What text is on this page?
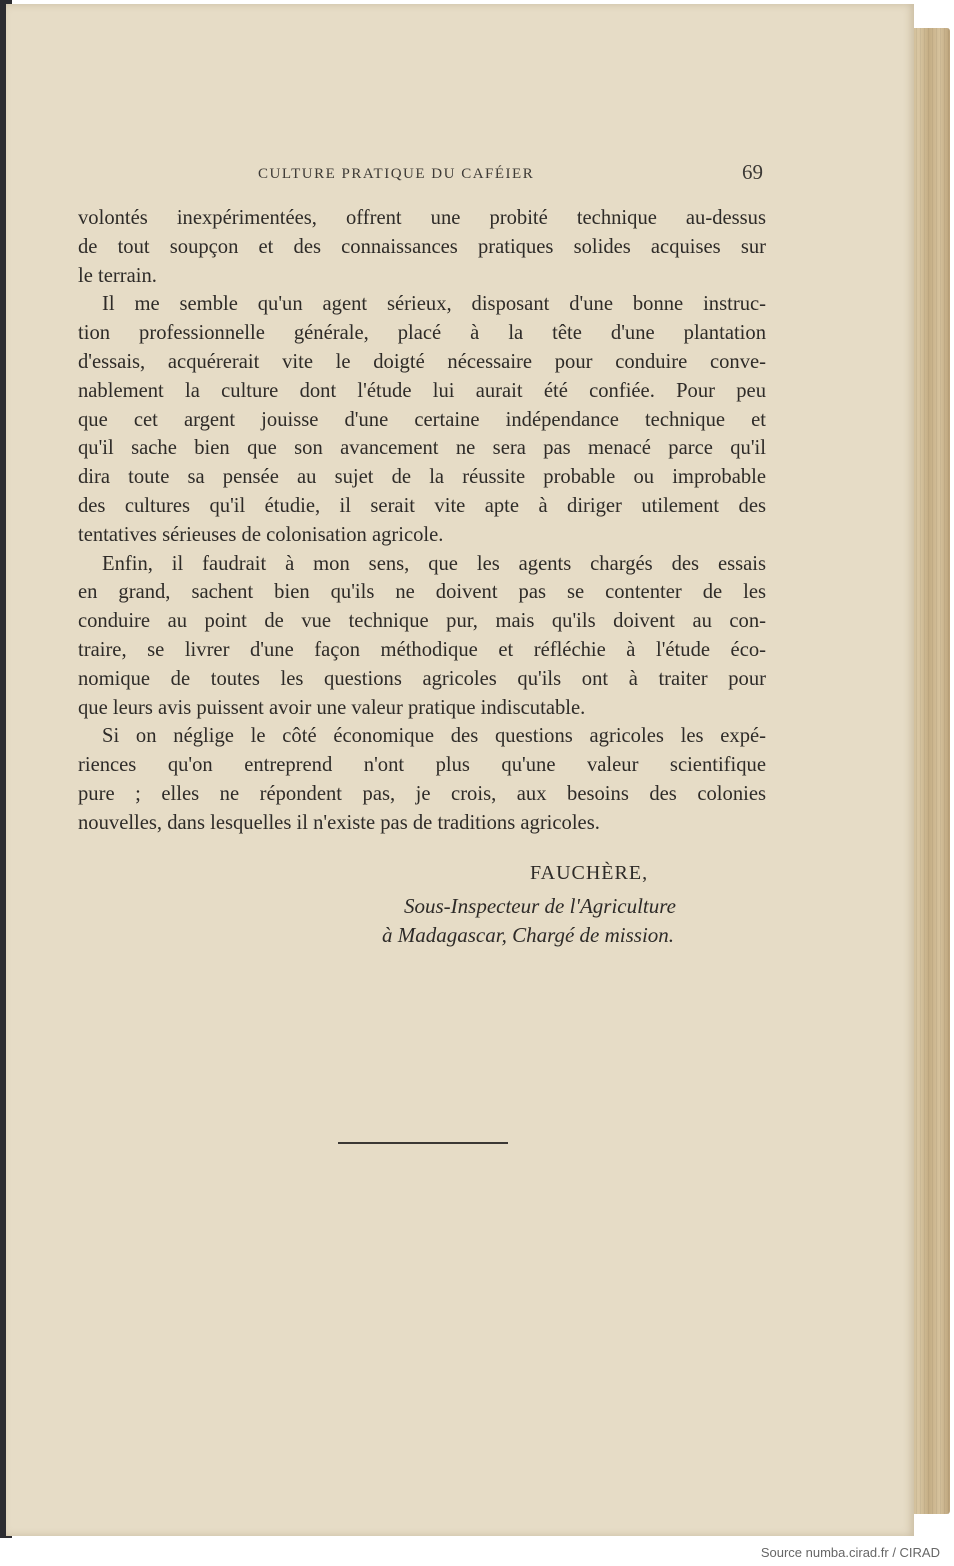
CULTURE PRATIQUE DU CAFÉIER	69
volontés inexpérimentées, offrent une probité technique au-dessus
de tout soupçon et des connaissances pratiques solides acquises sur
le terrain.
Il me semble qu'un agent sérieux, disposant d'une bonne instruc-
tion professionnelle générale, placé à la tête d'une plantation
d'essais, acquérerait vite le doigté nécessaire pour conduire conve-
nablement la culture dont l'étude lui aurait été confiée. Pour peu
que cet argent jouisse d'une certaine indépendance technique et
qu'il sache bien que son avancement ne sera pas menacé parce qu'il
dira toute sa pensée au sujet de la réussite probable ou improbable
des cultures qu'il étudie, il serait vite apte à diriger utilement des
tentatives sérieuses de colonisation agricole.
Enfin, il faudrait à mon sens, que les agents chargés des essais
en grand, sachent bien qu'ils ne doivent pas se contenter de les
conduire au point de vue technique pur, mais qu'ils doivent au con-
traire, se livrer d'une façon méthodique et réfléchie à l'étude éco-
nomique de toutes les questions agricoles qu'ils ont à traiter pour
que leurs avis puissent avoir une valeur pratique indiscutable.
Si on néglige le côté économique des questions agricoles les expé-
riences qu'on entreprend n'ont plus qu'une valeur scientifique
pure ; elles ne répondent pas, je crois, aux besoins des colonies
nouvelles, dans lesquelles il n'existe pas de traditions agricoles.
FAUCHÈRE,
Sous-Inspecteur de l'Agriculture
à Madagascar, Chargé de mission.
Source numba.cirad.fr / CIRAD
